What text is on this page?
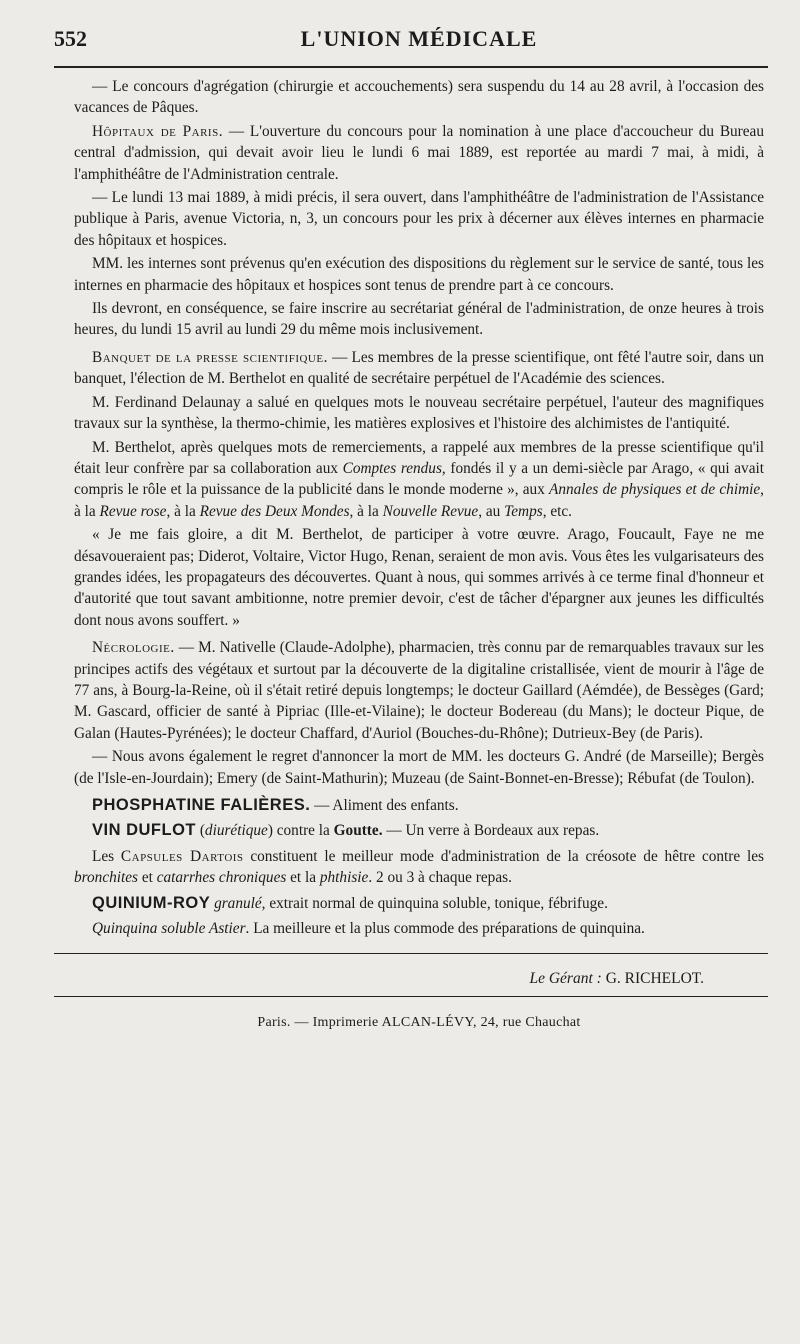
552	L'UNION MÉDICALE

— Le concours d'agrégation (chirurgie et accouchements) sera suspendu du 14 au 28 avril, à l'occasion des vacances de Pâques.

Hôpitaux de Paris. — L'ouverture du concours pour la nomination à une place d'accoucheur du Bureau central d'admission, qui devait avoir lieu le lundi 6 mai 1889, est reportée au mardi 7 mai, à midi, à l'amphithéâtre de l'Administration centrale.

— Le lundi 13 mai 1889, à midi précis, il sera ouvert, dans l'amphithéâtre de l'administration de l'Assistance publique à Paris, avenue Victoria, n, 3, un concours pour les prix à décerner aux élèves internes en pharmacie des hôpitaux et hospices.

MM. les internes sont prévenus qu'en exécution des dispositions du règlement sur le service de santé, tous les internes en pharmacie des hôpitaux et hospices sont tenus de prendre part à ce concours.

Ils devront, en conséquence, se faire inscrire au secrétariat général de l'administration, de onze heures à trois heures, du lundi 15 avril au lundi 29 du même mois inclusivement.

Banquet de la presse scientifique. — Les membres de la presse scientifique, ont fêté l'autre soir, dans un banquet, l'élection de M. Berthelot en qualité de secrétaire perpétuel de l'Académie des sciences.

M. Ferdinand Delaunay a salué en quelques mots le nouveau secrétaire perpétuel, l'auteur des magnifiques travaux sur la synthèse, la thermo-chimie, les matières explosives et l'histoire des alchimistes de l'antiquité.

M. Berthelot, après quelques mots de remerciements, a rappelé aux membres de la presse scientifique qu'il était leur confrère par sa collaboration aux Comptes rendus, fondés il y a un demi-siècle par Arago, « qui avait compris le rôle et la puissance de la publicité dans le monde moderne », aux Annales de physiques et de chimie, à la Revue rose, à la Revue des Deux Mondes, à la Nouvelle Revue, au Temps, etc.

« Je me fais gloire, a dit M. Berthelot, de participer à votre œuvre. Arago, Foucault, Faye ne me désavoueraient pas; Diderot, Voltaire, Victor Hugo, Renan, seraient de mon avis. Vous êtes les vulgarisateurs des grandes idées, les propagateurs des découvertes. Quant à nous, qui sommes arrivés à ce terme final d'honneur et d'autorité que tout savant ambitionne, notre premier devoir, c'est de tâcher d'épargner aux jeunes les difficultés dont nous avons souffert. »

Nécrologie. — M. Nativelle (Claude-Adolphe), pharmacien, très connu par de remarquables travaux sur les principes actifs des végétaux et surtout par la découverte de la digitaline cristallisée, vient de mourir à l'âge de 77 ans, à Bourg-la-Reine, où il s'était retiré depuis longtemps; le docteur Gaillard (Aémdée), de Bessèges (Gard; M. Gascard, officier de santé à Pipriac (Ille-et-Vilaine); le docteur Bodereau (du Mans); le docteur Pique, de Galan (Hautes-Pyrénées); le docteur Chaffard, d'Auriol (Bouches-du-Rhône); Dutrieux-Bey (de Paris).

— Nous avons également le regret d'annoncer la mort de MM. les docteurs G. André (de Marseille); Bergès (de l'Isle-en-Jourdain); Emery (de Saint-Mathurin); Muzeau (de Saint-Bonnet-en-Bresse); Rébufat (de Toulon).

PHOSPHATINE FALIÈRES. — Aliment des enfants.
VIN DUFLOT (diurétique) contre la Goutte. — Un verre à Bordeaux aux repas.
Les Capsules Dartois constituent le meilleur mode d'administration de la créosote de hêtre contre les bronchites et catarrhes chroniques et la phthisie. 2 ou 3 à chaque repas.
QUINIUM-ROY granulé, extrait normal de quinquina soluble, tonique, fébrifuge.
Quinquina soluble Astier. La meilleure et la plus commode des préparations de quinquina.
Le Gérant : G. RICHELOT.
Paris. — Imprimerie ALCAN-LÉVY, 24, rue Chauchat
